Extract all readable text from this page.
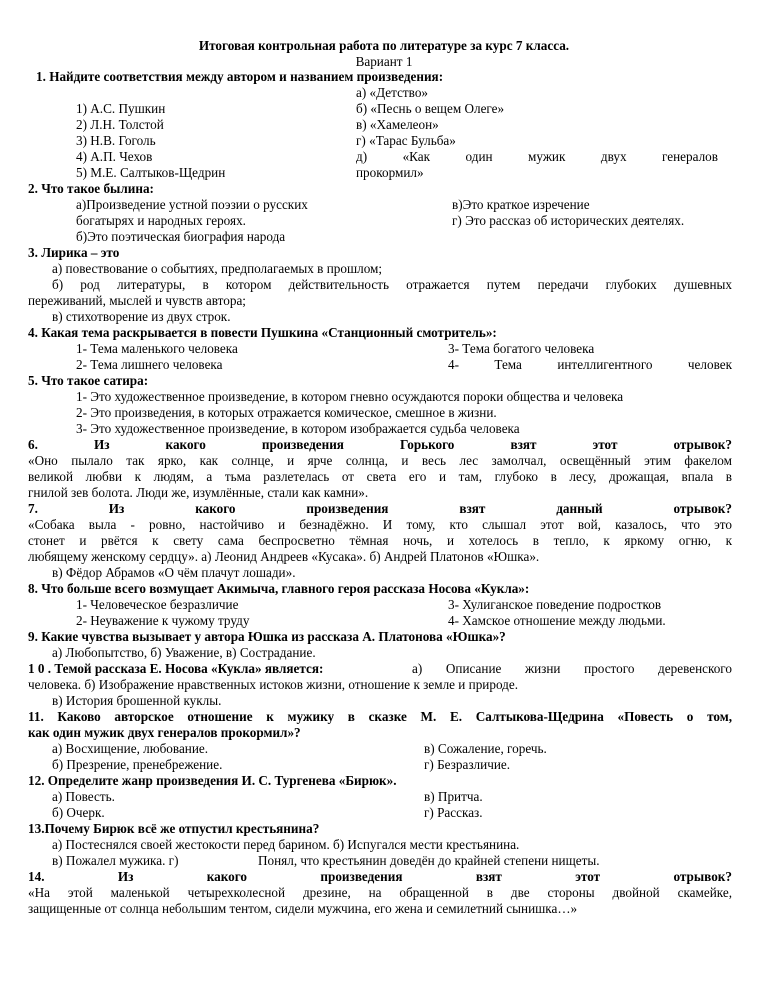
Итоговая контрольная работа по литературе за курс 7 класса.
Вариант 1
1. Найдите соответствия между автором и названием произведения:
а) «Детство»
1) А.С. Пушкин	б) «Песнь о вещем Олеге»
2) Л.Н. Толстой	в) «Хамелеон»
3) Н.В. Гоголь	г) «Тарас Бульба»
4) А.П. Чехов	д) «Как один мужик двух генералов
5) М.Е. Салтыков-Щедрин	прокормил»
2. Что такое былина:
а)Произведение устной поэзии о русских	в)Это краткое изречение
богатырях и народных героях.	г) Это рассказ об исторических деятелях.
б)Это поэтическая биография народа
3. Лирика – это
а) повествование о событиях, предполагаемых в прошлом;
б) род литературы, в котором действительность отражается путем передачи глубоких душевных
переживаний, мыслей и чувств автора;
в) стихотворение из двух строк.
4. Какая тема раскрывается в повести Пушкина «Станционный смотритель»:
1- Тема маленького человека	3- Тема богатого человека
2- Тема лишнего человека	4- Тема интеллигентного человек
5. Что такое сатира:
1- Это художественное произведение, в котором гневно осуждаются пороки общества и человека
2- Это произведения, в которых отражается комическое, смешное в жизни.
3- Это художественное произведение, в котором изображается судьба человека
6. Из какого произведения Горького взят этот отрывок?
«Оно пылало так ярко, как солнце, и ярче солнца, и весь лес замолчал, освещённый этим факелом
великой любви к людям, а тьма разлетелась от света его и там, глубоко в лесу, дрожащая, впала в
гнилой зев болота. Люди же, изумлённые, стали как камни».
7. Из какого произведения взят данный отрывок?
«Собака выла - ровно, настойчиво и безнадёжно. И тому, кто слышал этот вой, казалось, что это
стонет и рвётся к свету сама беспросветно тёмная ночь, и хотелось в тепло, к яркому огню, к
любящему женскому сердцу». а) Леонид Андреев «Кусака». б) Андрей Платонов «Юшка».
в) Фёдор Абрамов «О чём плачут лошади».
8. Что больше всего возмущает Акимыча, главного героя рассказа Носова «Кукла»:
1- Человеческое безразличие	3- Хулиганское поведение подростков
2- Неуважение к чужому труду	4- Хамское отношение между людьми.
9. Какие чувства вызывает у автора Юшка из рассказа А. Платонова «Юшка»?
а) Любопытство, б) Уважение, в) Сострадание.
1 0 . Темой рассказа Е. Носова «Кукла» является:	а) Описание жизни простого деревенского
человека. б) Изображение нравственных истоков жизни, отношение к земле и природе.
в) История брошенной куклы.
11. Каково авторское отношение к мужику в сказке М. Е. Салтыкова-Щедрина «Повесть о том,
как один мужик двух генералов прокормил»?
а) Восхищение, любование.	в) Сожаление, горечь.
б) Презрение, пренебрежение.	г) Безразличие.
12. Определите жанр произведения И. С. Тургенева «Бирюк».
а) Повесть.	в) Притча.
б) Очерк.	г) Рассказ.
13.Почему Бирюк всё же отпустил крестьянина?
а) Постеснялся своей жестокости перед барином. б) Испугался мести крестьянина.
в) Пожалел мужика. г)	Понял, что крестьянин доведён до крайней степени нищеты.
14. Из какого произведения взят этот отрывок?
«На этой маленькой четырехколесной дрезине, на обращенной в две стороны двойной скамейке,
защищенные от солнца небольшим тентом, сидели мужчина, его жена и семилетний сынишка…»
